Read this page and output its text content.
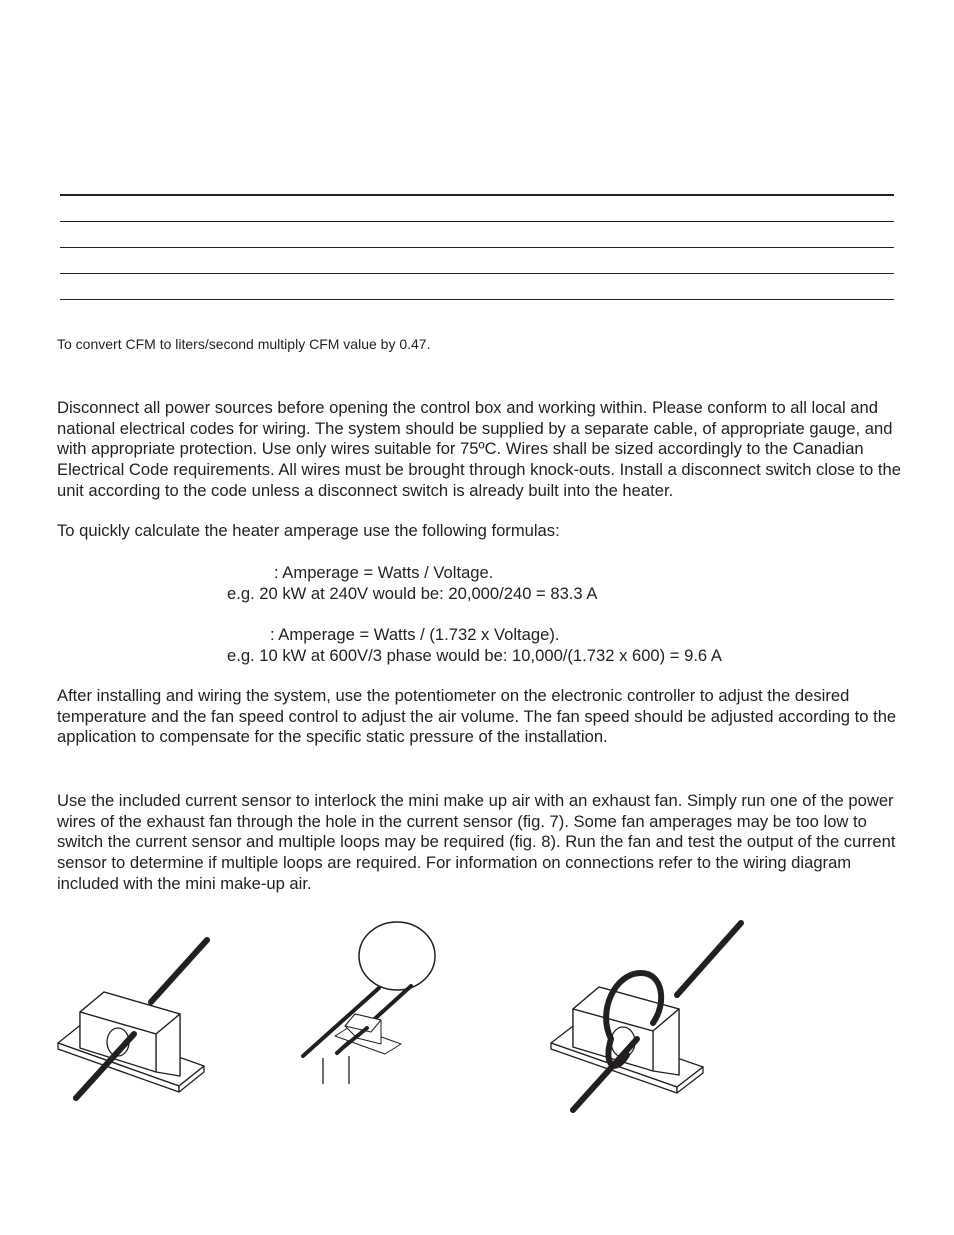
To convert CFM to liters/second multiply CFM value by 0.47.

Disconnect all power sources before opening the control box and working within. Please conform to all local and national electrical codes for wiring. The system should be supplied by a separate cable, of appropriate gauge, and with appropriate protection. Use only wires suitable for 75ºC. Wires shall be sized accordingly to the Canadian Electrical Code requirements. All wires must be brought through knock-outs. Install a disconnect switch close to the unit according to the code unless a disconnect switch is already built into the heater.

To quickly calculate the heater amperage use the following formulas:

: Amperage = Watts / Voltage.
e.g. 20 kW at 240V would be: 20,000/240 = 83.3 A
: Amperage = Watts / (1.732 x Voltage).
e.g. 10 kW at 600V/3 phase would be: 10,000/(1.732 x 600) = 9.6 A

After installing and wiring the system, use the potentiometer on the electronic controller to adjust the desired temperature and the fan speed control to adjust the air volume. The fan speed should be adjusted according to the application to compensate for the specific static pressure of the installation.

Use the included current sensor to interlock the mini make up air with an exhaust fan. Simply run one of the power wires of the exhaust fan through the hole in the current sensor (fig. 7). Some fan amperages may be too low to switch the current sensor and multiple loops may be required (fig. 8). Run the fan and test the output of the current sensor to determine if multiple loops are required. For information on connections refer to the wiring diagram included with the mini make-up air.
